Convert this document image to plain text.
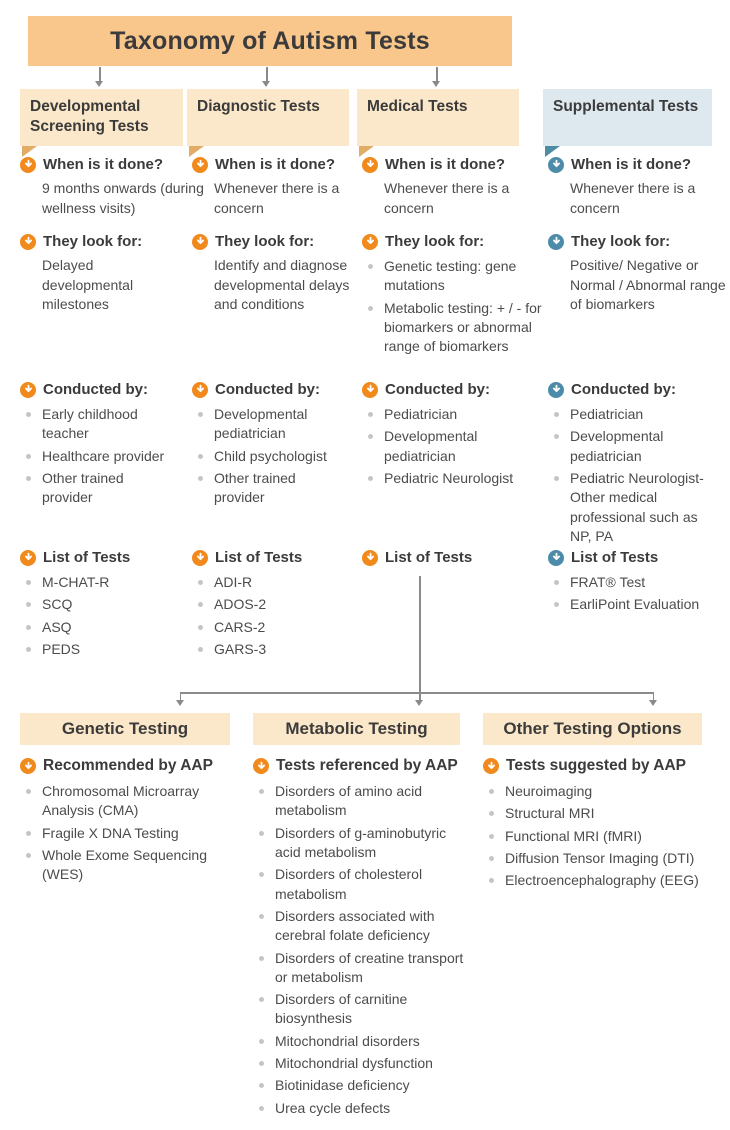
Taxonomy of Autism Tests
Developmental Screening Tests
Diagnostic Tests	Medical Tests	Supplemental Tests
When is it done?

9 months onwards (during wellness visits)

When is it done?

Whenever there is a concern

When is it done?

Whenever there is a concern

When is it done?

Whenever there is a concern

They look for:

Delayed developmental milestones

They look for:

Identify and diagnose developmental delays and conditions

They look for:
Genetic testing: gene mutations
Metabolic testing: + / - for biomarkers or abnormal range of biomarkers
They look for:

Positive/ Negative or Normal / Abnormal range of biomarkers

Conducted by:
Early childhood teacher
Healthcare provider
Other trained provider
Conducted by:
Developmental pediatrician
Child psychologist
Other trained provider
Conducted by:
Pediatrician
Developmental pediatrician
Pediatric Neurologist
Conducted by:
Pediatrician
Developmental pediatrician
Pediatric Neurologist- Other medical professional such as NP, PA
List of Tests
M-CHAT-R
SCQ
ASQ
PEDS
List of Tests
ADI-R
ADOS-2
CARS-2
GARS-3
List of Tests	List of Tests
FRAT® Test
EarliPoint Evaluation
Genetic Testing	Metabolic Testing	Other Testing Options
Recommended by AAP
Chromosomal Microarray Analysis (CMA)
Fragile X DNA Testing
Whole Exome Sequencing (WES)
Tests referenced by AAP
Disorders of amino acid metabolism
Disorders of g-aminobutyric acid metabolism
Disorders of cholesterol metabolism
Disorders associated with cerebral folate deficiency
Disorders of creatine transport or metabolism
Disorders of carnitine biosynthesis
Mitochondrial disorders
Mitochondrial dysfunction
Biotinidase deficiency
Urea cycle defects
Tests suggested by AAP
Neuroimaging
Structural MRI
Functional MRI (fMRI)
Diffusion Tensor Imaging (DTI)
Electroencephalography (EEG)
